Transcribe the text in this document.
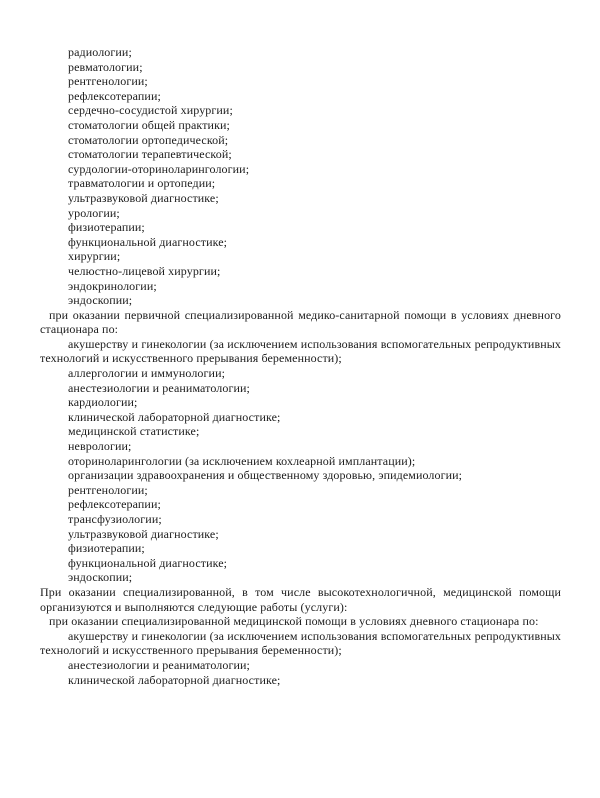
радиологии;

ревматологии;

рентгенологии;

рефлексотерапии;

сердечно-сосудистой хирургии;

стоматологии общей практики;

стоматологии ортопедической;

стоматологии терапевтической;

сурдологии-оториноларингологии;

травматологии и ортопедии;

ультразвуковой диагностике;

урологии;

физиотерапии;

функциональной диагностике;

хирургии;

челюстно-лицевой хирургии;

эндокринологии;

эндоскопии;

при оказании первичной специализированной медико-санитарной помощи в условиях дневного стационара по:

акушерству и гинекологии (за исключением использования вспомогательных репродуктивных технологий и искусственного прерывания беременности);

аллергологии и иммунологии;

анестезиологии и реаниматологии;

кардиологии;

клинической лабораторной диагностике;

медицинской статистике;

неврологии;

оториноларингологии (за исключением кохлеарной имплантации);

организации здравоохранения и общественному здоровью, эпидемиологии;

рентгенологии;

рефлексотерапии;

трансфузиологии;

ультразвуковой диагностике;

физиотерапии;

функциональной диагностике;

эндоскопии;

При оказании специализированной, в том числе высокотехнологичной, медицинской помощи организуются и выполняются следующие работы (услуги):

при оказании специализированной медицинской помощи в условиях дневного стационара по:

акушерству и гинекологии (за исключением использования вспомогательных репродуктивных технологий и искусственного прерывания беременности);

анестезиологии и реаниматологии;

клинической лабораторной диагностике;
